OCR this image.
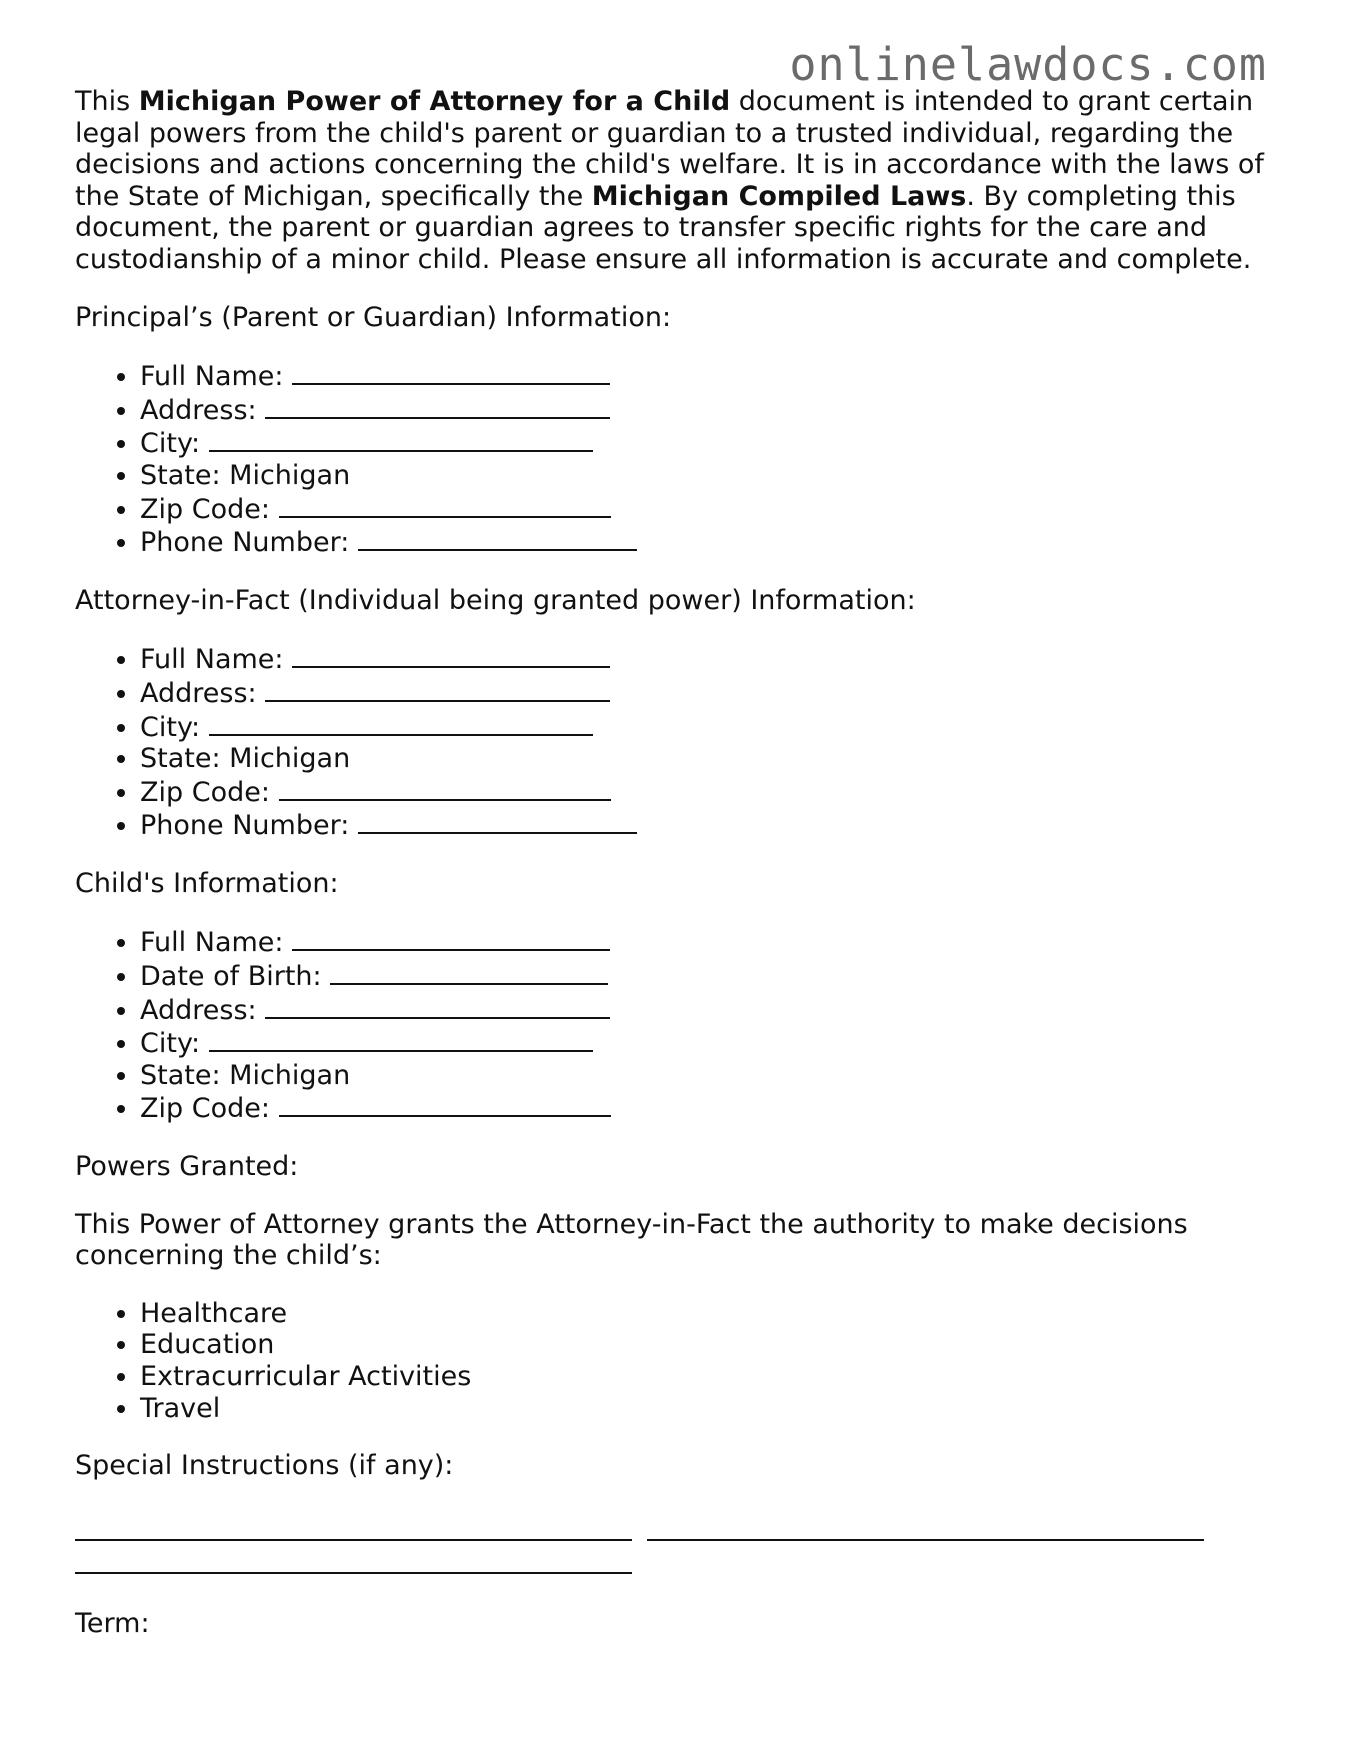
onlinelawdocs.com

This Michigan Power of Attorney for a Child document is intended to grant certain legal powers from the child's parent or guardian to a trusted individual, regarding the decisions and actions concerning the child's welfare. It is in accordance with the laws of the State of Michigan, specifically the Michigan Compiled Laws. By completing this document, the parent or guardian agrees to transfer specific rights for the care and custodianship of a minor child. Please ensure all information is accurate and complete.

Principal’s (Parent or Guardian) Information:

• Full Name:
• Address:
• City:
• State: Michigan
• Zip Code:
• Phone Number:

Attorney-in-Fact (Individual being granted power) Information:

• Full Name:
• Address:
• City:
• State: Michigan
• Zip Code:
• Phone Number:

Child's Information:

• Full Name:
• Date of Birth:
• Address:
• City:
• State: Michigan
• Zip Code:

Powers Granted:

This Power of Attorney grants the Attorney-in-Fact the authority to make decisions concerning the child’s:

• Healthcare
• Education
• Extracurricular Activities
• Travel

Special Instructions (if any):

Term:
